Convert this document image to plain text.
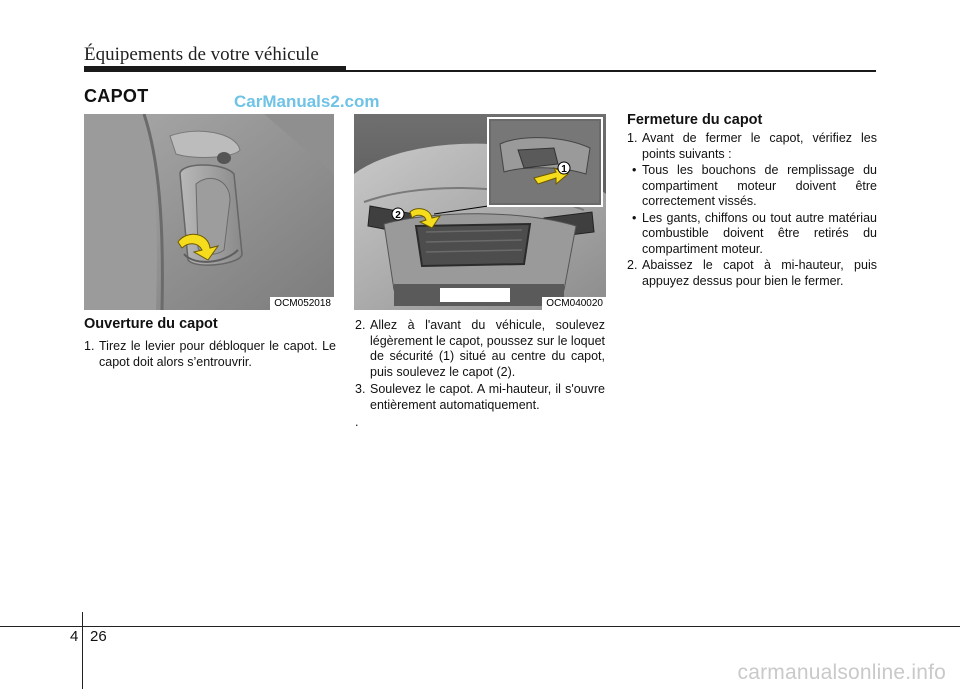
Équipements de votre véhicule
CAPOT	CarManuals2.com
OCM052018
2
1
OCM040020
Ouverture du capot
1. Tirez le levier pour débloquer le capot. Le capot doit alors s’entrouvrir.
2. Allez à l'avant du véhicule, soulevez légèrement le capot, poussez sur le loquet de sécurité (1) situé au centre du capot, puis soulevez le capot (2).
3. Soulevez le capot. A mi-hauteur, il s'ouvre entièrement automatiquement.
.
Fermeture du capot
1. Avant de fermer le capot, vérifiez les points suivants :
• Tous les bouchons de remplissage du compartiment moteur doivent être correctement vissés.
• Les gants, chiffons ou tout autre matériau combustible doivent être retirés du compartiment moteur.
2. Abaissez le capot à mi-hauteur, puis appuyez dessus pour bien le fermer.
4 26
carmanualsonline.info
